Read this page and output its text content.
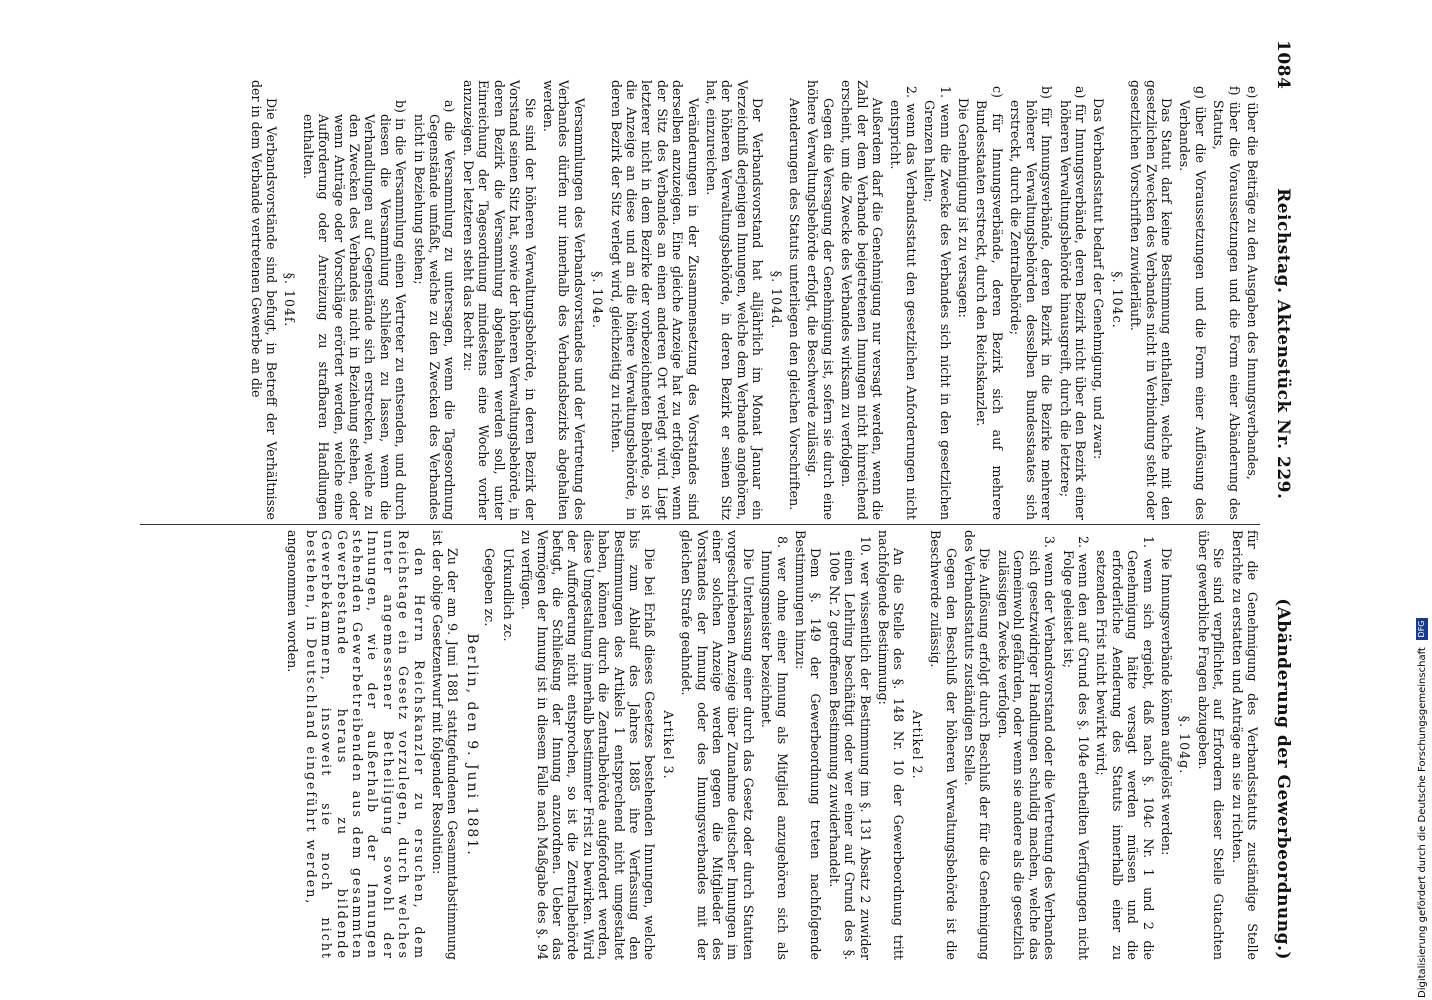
1084
Reichstag. Aktenstück Nr. 229.
(Abänderung der Gewerbeordnung.)

e) über die Beiträge zu den Ausgaben des Innungsverbandes,

f) über die Voraussetzungen und die Form einer Abänderung des Statuts,

g) über die Voraussetzungen und die Form einer Auflösung des Verbandes.

Das Statut darf keine Bestimmung enthalten, welche mit den gesetzlichen Zwecken des Verbandes nicht in Verbindung steht oder gesetzlichen Vorschriften zuwiderläuft.

§. 104c.

Das Verbandsstatut bedarf der Genehmigung, und zwar:

a) für Innungsverbände, deren Bezirk nicht über den Bezirk einer höheren Verwaltungsbehörde hinausgreift, durch die letztere;

b) für Innungsverbände, deren Bezirk in die Bezirke mehrerer höherer Verwaltungsbehörden desselben Bundesstaates sich erstreckt, durch die Zentralbehörde;

c) für Innungsverbände, deren Bezirk sich auf mehrere Bundesstaaten erstreckt, durch den Reichskanzler.

Die Genehmigung ist zu versagen:

1. wenn die Zwecke des Verbandes sich nicht in den gesetzlichen Grenzen halten;

2. wenn das Verbandsstatut den gesetzlichen Anforderungen nicht entspricht.

Außerdem darf die Genehmigung nur versagt werden, wenn die Zahl der dem Verbande beigetretenen Innungen nicht hinreichend erscheint, um die Zwecke des Verbandes wirksam zu verfolgen.

Gegen die Versagung der Genehmigung ist, sofern sie durch eine höhere Verwaltungsbehörde erfolgt, die Beschwerde zulässig.

Aenderungen des Statuts unterliegen den gleichen Vorschriften.

§. 104d.

Der Verbandsvorstand hat alljährlich im Monat Januar ein Verzeichniß derjenigen Innungen, welche dem Verbande angehören, der höheren Verwaltungsbehörde, in deren Bezirk er seinen Sitz hat, einzureichen.

Veränderungen in der Zusammensetzung des Vorstandes sind derselben anzuzeigen. Eine gleiche Anzeige hat zu erfolgen, wenn der Sitz des Verbandes an einen anderen Ort verlegt wird. Liegt letzterer nicht in dem Bezirke der vorbezeichneten Behörde, so ist die Anzeige an diese und an die höhere Verwaltungsbehörde, in deren Bezirk der Sitz verlegt wird, gleichzeitig zu richten.

§. 104e.

Versammlungen des Verbandsvorstandes und der Vertretung des Verbandes dürfen nur innerhalb des Verbandsbezirks abgehalten werden.

Sie sind der höheren Verwaltungsbehörde, in deren Bezirk der Vorstand seinen Sitz hat, sowie der höheren Verwaltungsbehörde, in deren Bezirk die Versammlung abgehalten werden soll, unter Einreichung der Tagesordnung mindestens eine Woche vorher anzuzeigen. Der letzteren steht das Recht zu:

a) die Versammlung zu untersagen, wenn die Tagesordnung Gegenstände umfaßt, welche zu den Zwecken des Verbandes nicht in Beziehung stehen;

b) in die Versammlung einen Vertreter zu entsenden, und durch diesen die Versammlung schließen zu lassen, wenn die Verhandlungen auf Gegenstände sich erstrecken, welche zu den Zwecken des Verbandes nicht in Beziehung stehen, oder wenn Anträge oder Vorschläge erörtert werden, welche eine Aufforderung oder Anreizung zu strafbaren Handlungen enthalten.

§. 104f.

Die Verbandsvorstände sind befugt, in Betreff der Verhältnisse der in dem Verbande vertretenen Gewerbe an die

für die Genehmigung des Verbandsstatuts zuständige Stelle Berichte zu erstatten und Anträge an sie zu richten.

Sie sind verpflichtet, auf Erfordern dieser Stelle Gutachten über gewerbliche Fragen abzugeben.

§. 104g.

Die Innungsverbände können aufgelöst werden:

1. wenn sich ergiebt, daß nach §. 104c Nr. 1 und 2 die Genehmigung hätte versagt werden müssen und die erforderliche Aenderung des Statuts innerhalb einer zu setzenden Frist nicht bewirkt wird;

2. wenn den auf Grund des §. 104e ertheilten Verfügungen nicht Folge geleistet ist;

3. wenn der Verbandsvorstand oder die Vertretung des Verbandes sich gesetzwidriger Handlungen schuldig machen, welche das Gemeinwohl gefährden, oder wenn sie andere als die gesetzlich zulässigen Zwecke verfolgen.

Die Auflösung erfolgt durch Beschluß der für die Genehmigung des Verbandsstatuts zuständigen Stelle.

Gegen den Beschluß der höheren Verwaltungsbehörde ist die Beschwerde zulässig.

Artikel 2.

An die Stelle des §. 148 Nr. 10 der Gewerbeordnung tritt nachfolgende Bestimmung:

10. wer wissentlich der Bestimmung im §. 131 Absatz 2 zuwider einen Lehrling beschäftigt oder wer einer auf Grund des §. 100e Nr. 2 getroffenen Bestimmung zuwiderhandelt.

Dem §. 149 der Gewerbeordnung treten nachfolgende Bestimmungen hinzu:

8. wer ohne einer Innung als Mitglied anzugehören sich als Innungsmeister bezeichnet.

Die Unterlassung einer durch das Gesetz oder durch Statuten vorgeschriebenen Anzeige über Zunahme deutscher Innungen im einer solchen Anzeige werden gegen die Mitglieder des Vorstandes der Innung oder des Innungsverbandes mit der gleichen Strafe geahndet.

Artikel 3.

Die bei Erlaß dieses Gesetzes bestehenden Innungen, welche bis zum Ablauf des Jahres 1885 ihre Verfassung den Bestimmungen des Artikels 1 entsprechend nicht umgestaltet haben, können durch die Zentralbehörde aufgefordert werden, diese Umgestaltung innerhalb bestimmter Frist zu bewirken. Wird der Aufforderung nicht entsprochen, so ist die Zentralbehörde befugt, die Schließung der Innung anzuordnen. Ueber das Vermögen der Innung ist in diesem Falle nach Maßgabe des §. 94 zu verfügen.

Urkundlich zc.

Gegeben zc.

Berlin, den 9. Juni 1881.

Zu der am 9. Juni 1881 stattgefundenen Gesammtabstimmung ist der obige Gesetzentwurf mit folgender Resolution:

den Herrn Reichskanzler zu ersuchen, dem Reichstage ein Gesetz vorzulegen, durch welches unter angemessener Betheiligung sowohl der Innungen, wie der außerhalb der Innungen stehenden Gewerbetreibenden aus dem gesammten Gewerbestande heraus zu bildende Gewerbekammern, insoweit sie noch nicht bestehen, in Deutschland eingeführt werden,

angenommen worden.

Digitalisierung gefördert durch die Deutsche Forschungsgemeinschaft DFG
